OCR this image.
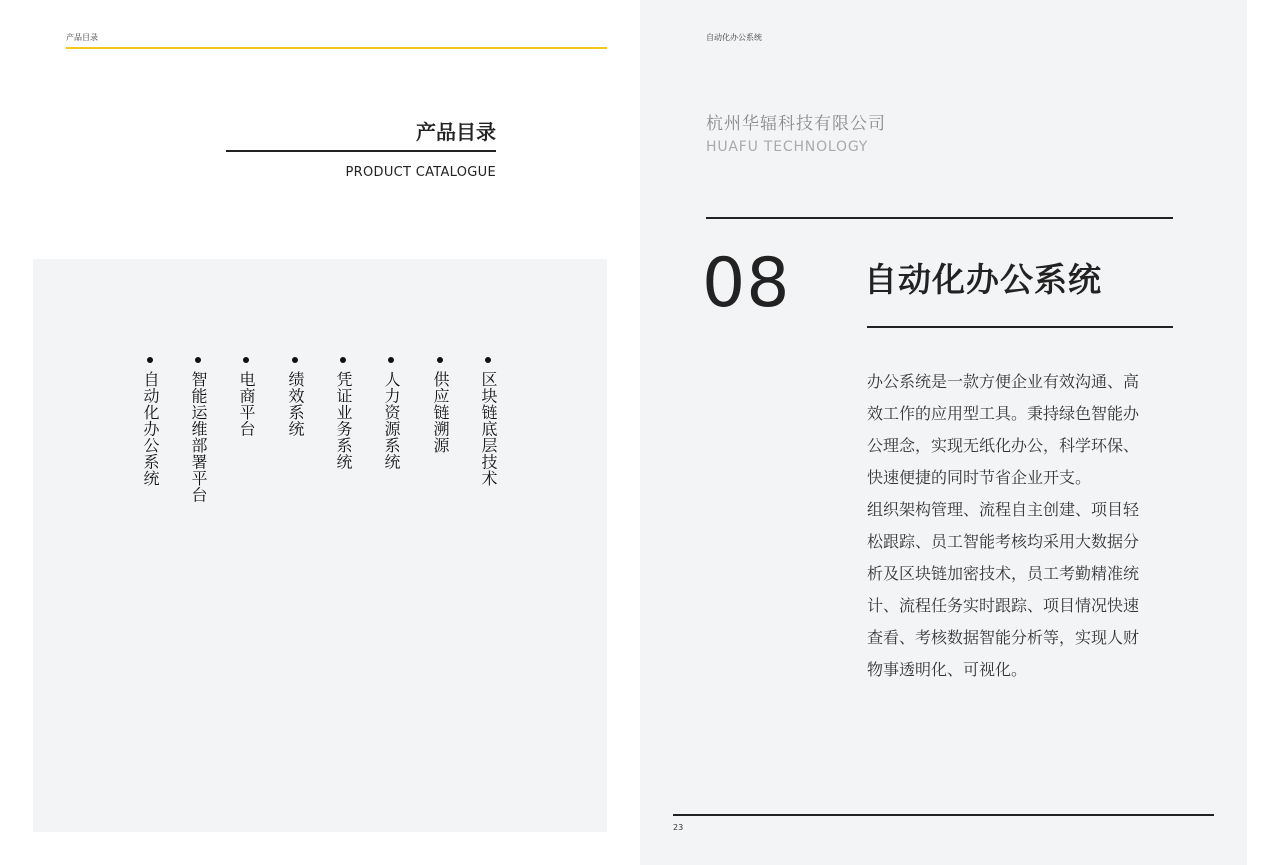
产品目录
产品目录
PRODUCT CATALOGUE
自动化办公系统 智能运维部署平台 电商平台 绩效系统 凭证业务系统 人力资源系统 供应链溯源 区块链底层技术
自动化办公系统
杭州华辐科技有限公司
HUAFU TECHNOLOGY
08 自动化办公系统
办公系统是一款方便企业有效沟通、高
效工作的应用型工具。秉持绿色智能办
公理念，实现无纸化办公，科学环保、
快速便捷的同时节省企业开支。
组织架构管理、流程自主创建、项目轻
松跟踪、员工智能考核均采用大数据分
析及区块链加密技术，员工考勤精准统
计、流程任务实时跟踪、项目情况快速
查看、考核数据智能分析等，实现人财
物事透明化、可视化。
23
